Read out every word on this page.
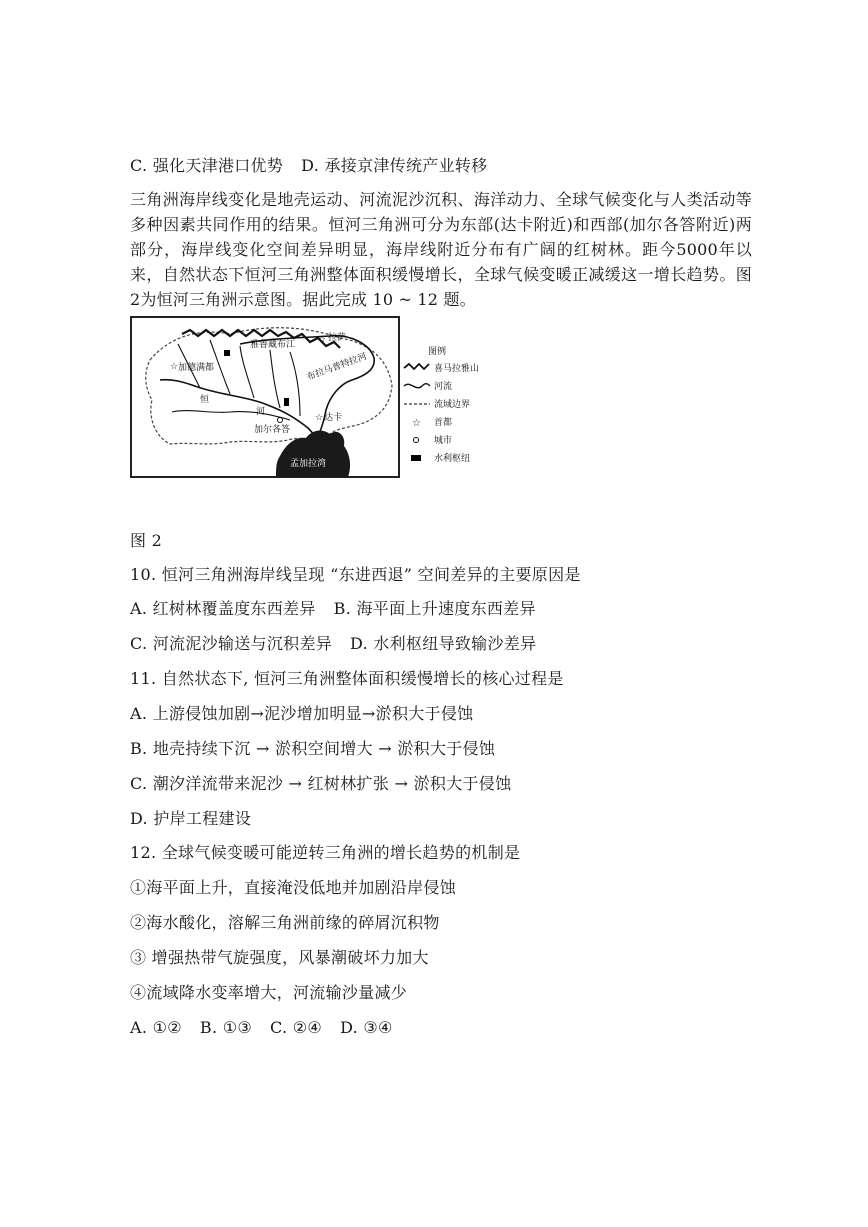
C. 强化天津港口优势 D. 承接京津传统产业转移
三角洲海岸线变化是地壳运动、河流泥沙沉积、海洋动力、全球气候变化与人类活动等多种因素共同作用的结果。恒河三角洲可分为东部(达卡附近)和西部(加尔各答附近)两部分，海岸线变化空间差异明显，海岸线附近分布有广阔的红树林。距今5000年以来，自然状态下恒河三角洲整体面积缓慢增长，全球气候变暖正减缓这一增长趋势。图2为恒河三角洲示意图。据此完成 10 ~ 12 题。
☆
☆
☆
雅鲁藏布江
拉萨
加德满都
恒
河
布拉马普特拉河
加尔各答
达卡
孟加拉湾
图例
喜马拉雅山
河流
流域边界
☆ 首都
城市
水利枢纽
图 2
10. 恒河三角洲海岸线呈现 “东进西退” 空间差异的主要原因是
A. 红树林覆盖度东西差异 B. 海平面上升速度东西差异
C. 河流泥沙输送与沉积差异 D. 水利枢纽导致输沙差异
11. 自然状态下, 恒河三角洲整体面积缓慢增长的核心过程是
A. 上游侵蚀加剧→泥沙增加明显→淤积大于侵蚀
B. 地壳持续下沉 → 淤积空间增大 → 淤积大于侵蚀
C. 潮汐洋流带来泥沙 → 红树林扩张 → 淤积大于侵蚀
D. 护岸工程建设
12. 全球气候变暖可能逆转三角洲的增长趋势的机制是
①海平面上升，直接淹没低地并加剧沿岸侵蚀
②海水酸化，溶解三角洲前缘的碎屑沉积物
③ 增强热带气旋强度，风暴潮破坏力加大
④流域降水变率增大，河流输沙量减少
A. ①② B. ①③ C. ②④ D. ③④
